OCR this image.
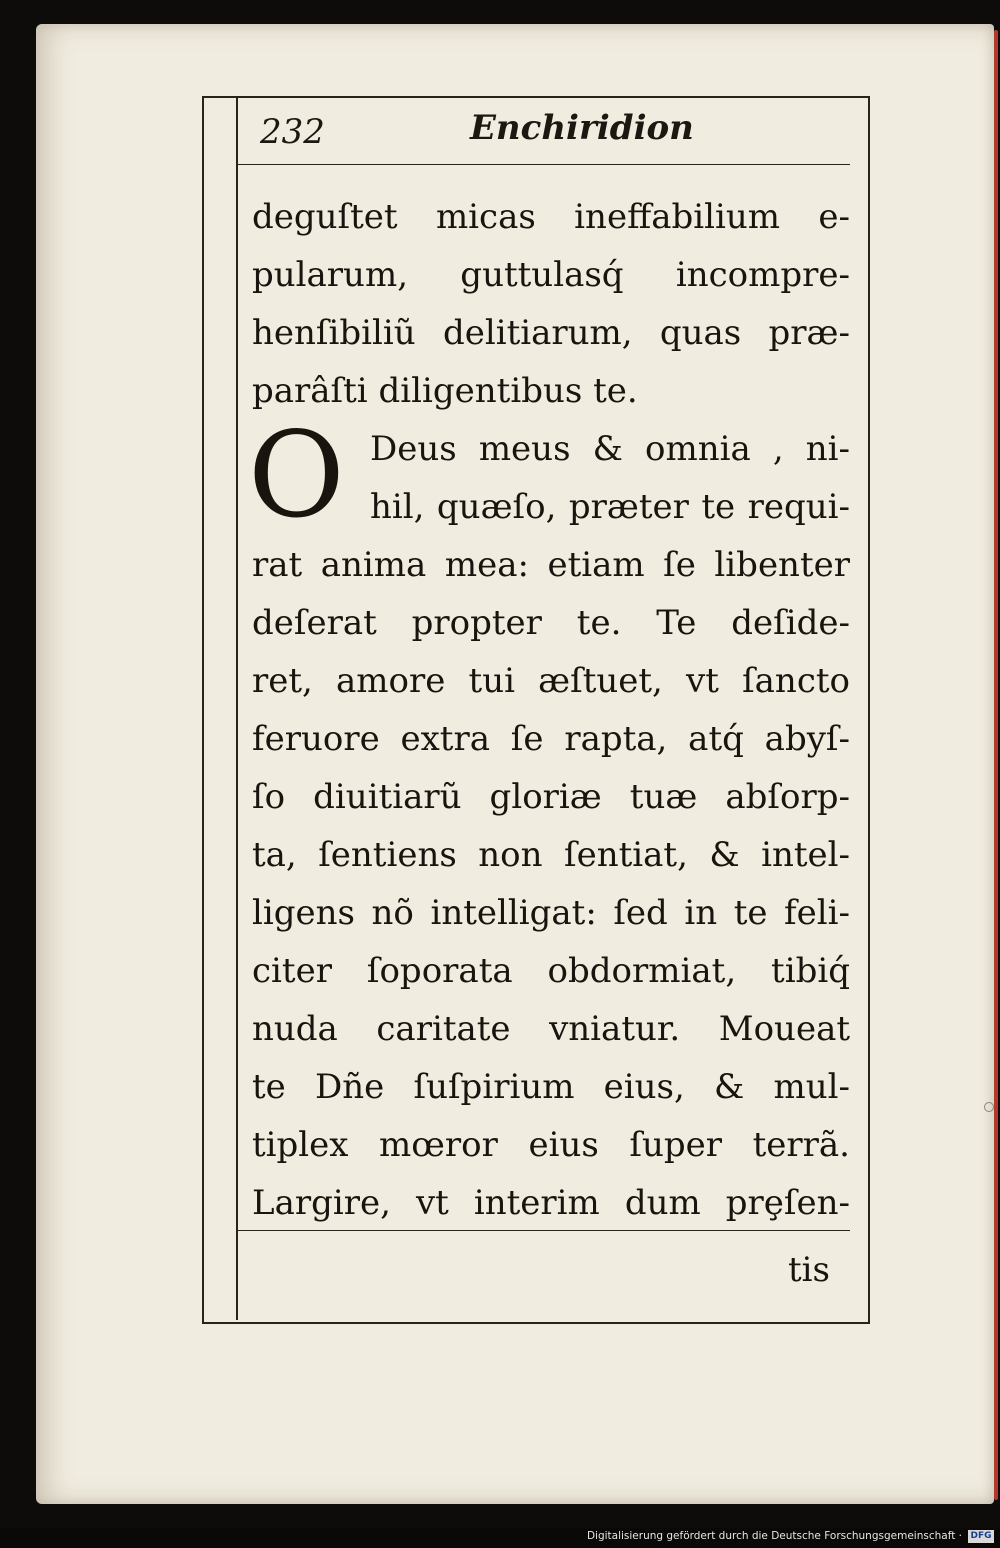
232	Enchiridion
deguſtet micas ineffabilium e-
pularum, guttulasq́ incompre-
henſibiliũ delitiarum, quas præ-
parâſti diligentibus te.
O Deus meus & omnia , ni-
hil, quæſo, præter te requi-
rat anima mea: etiam ſe libenter
deſerat propter te. Te deſide-
ret, amore tui æſtuet, vt ſancto
feruore extra ſe rapta, atq́ abyſ-
ſo diuitiarũ gloriæ tuæ abſorp-
ta, ſentiens non ſentiat, & intel-
ligens nõ intelligat: ſed in te feli-
citer ſoporata obdormiat, tibiq́
nuda caritate vniatur. Moueat
te Dñe ſuſpirium eius, & mul-
tiplex mœror eius ſuper terrã.
Largire, vt interim dum prȩſen-
tis
Digitalisierung gefördert durch die Deutsche Forschungsgemeinschaft · DFG
